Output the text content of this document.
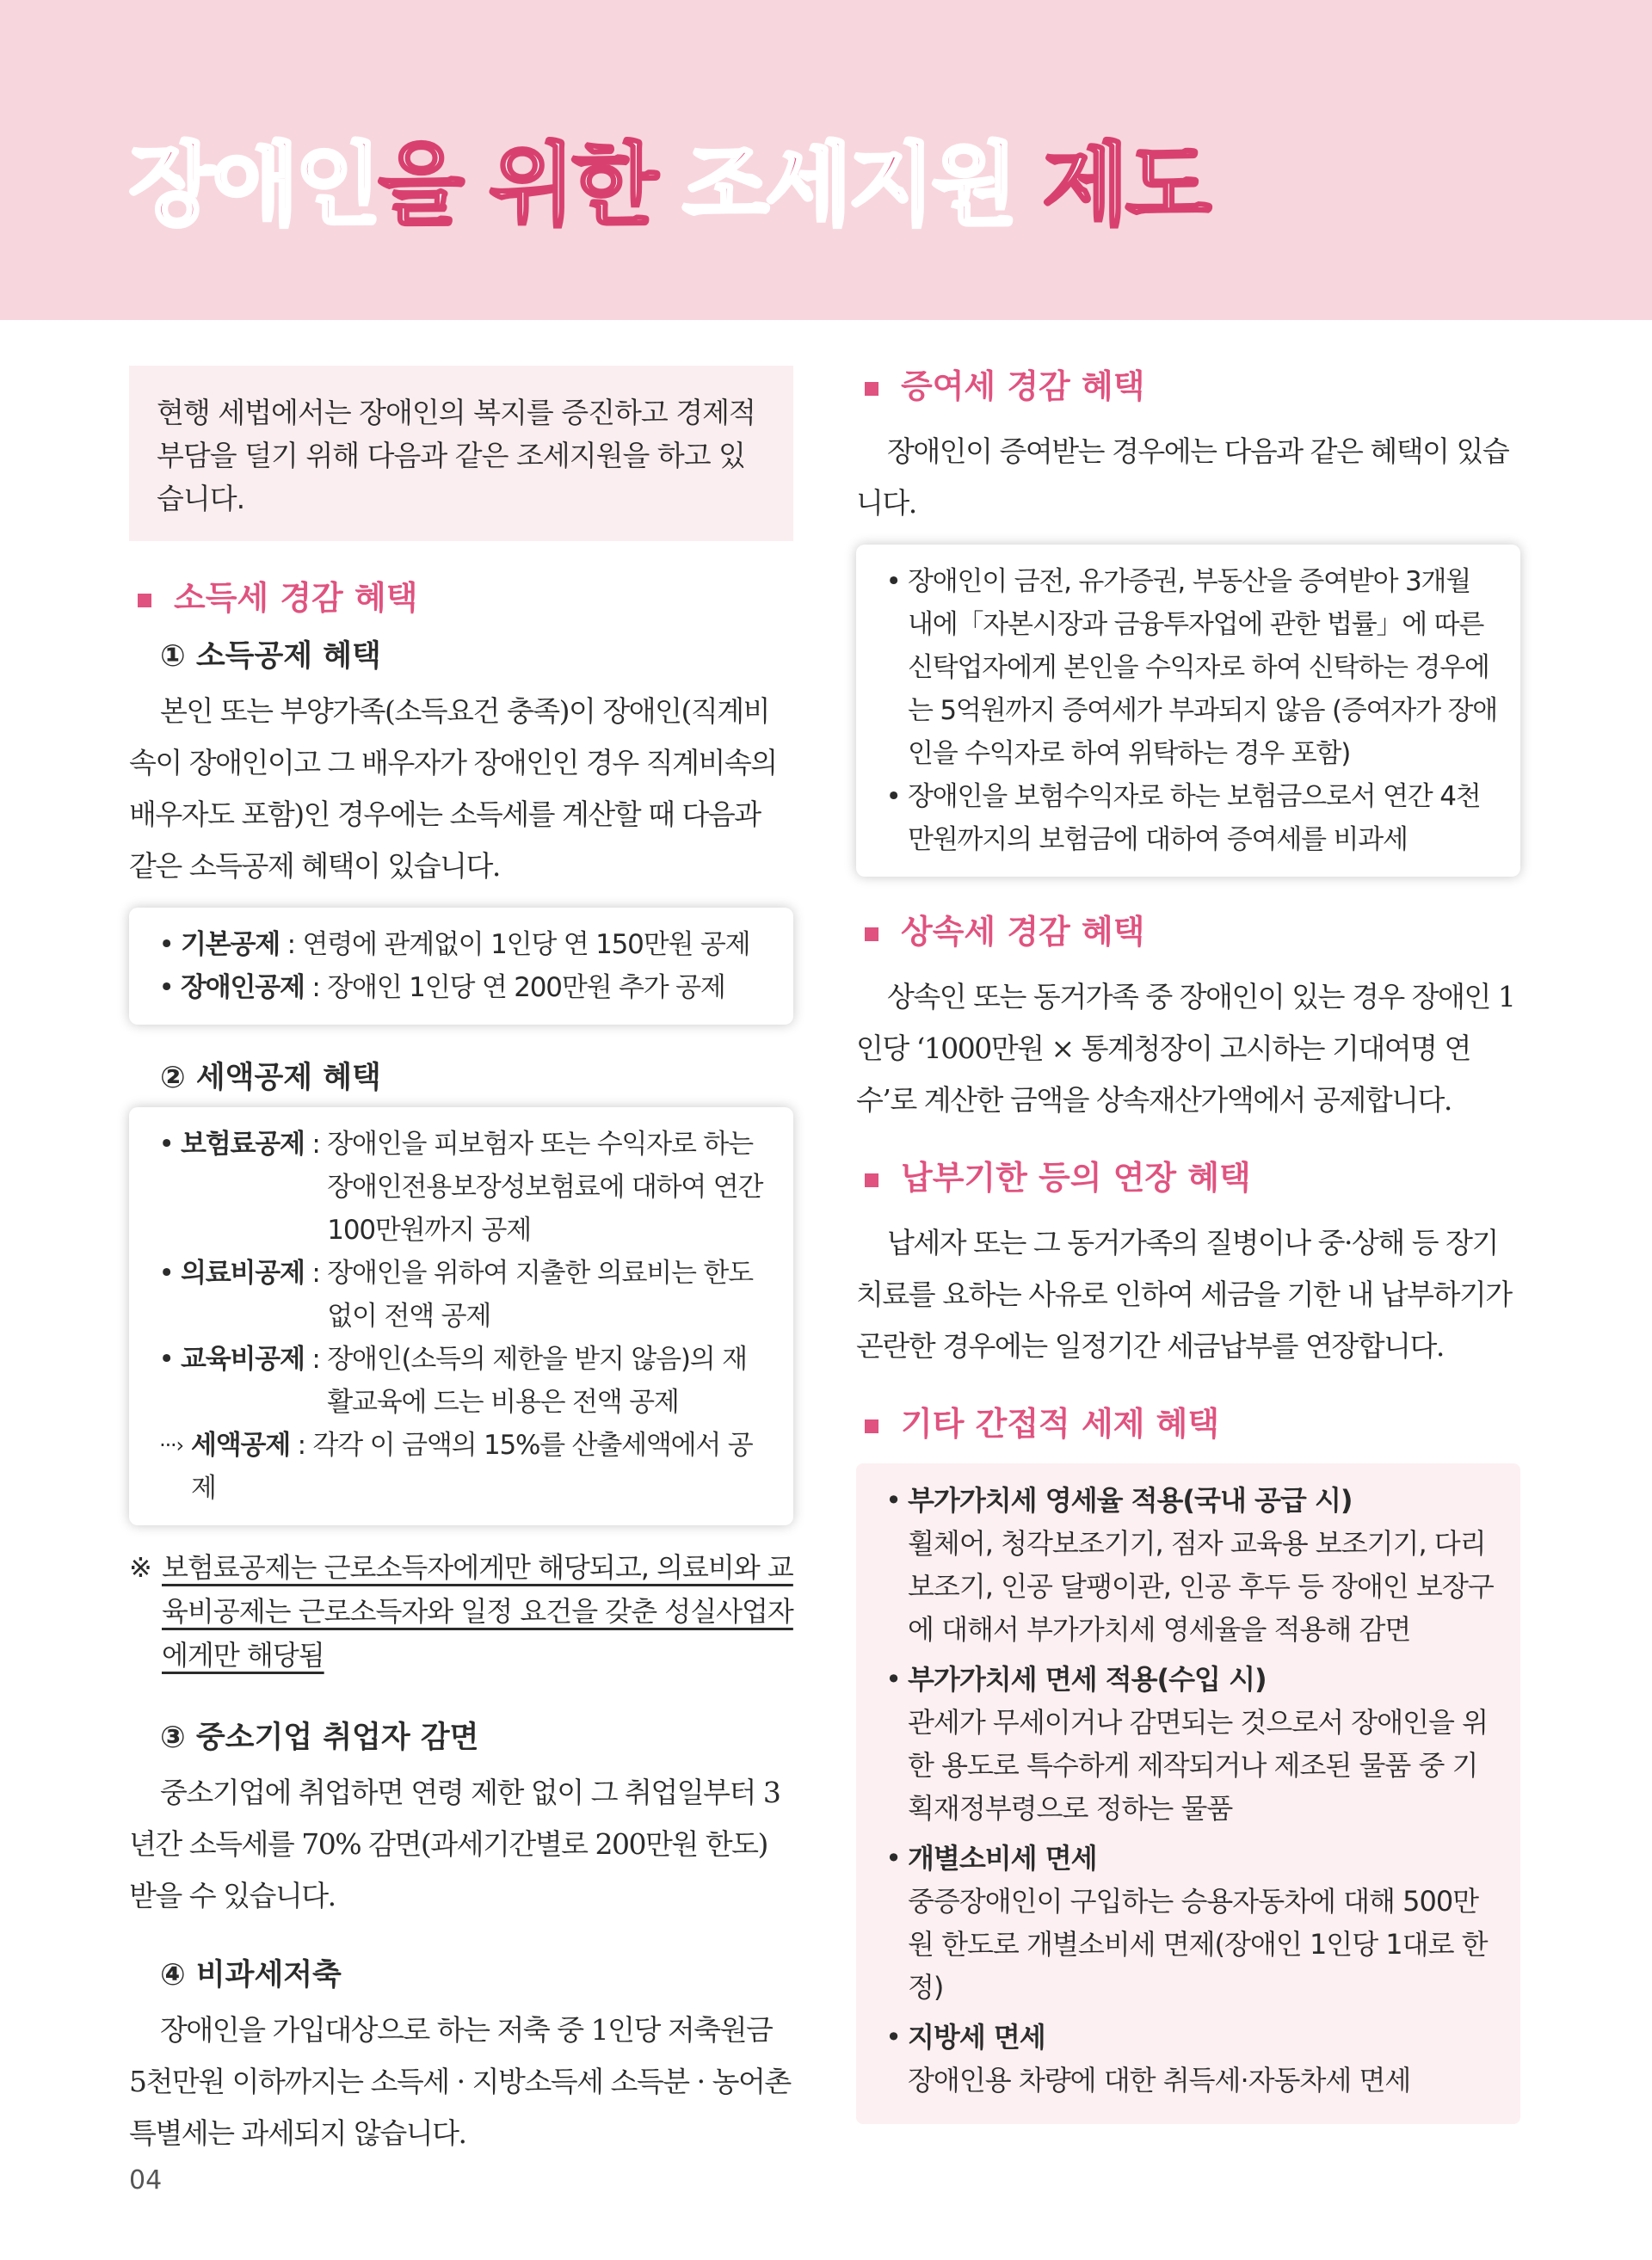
장애인을 위한 조세지원 제도
현행 세법에서는 장애인의 복지를 증진하고 경제적 부담을 덜기 위해 다음과 같은 조세지원을 하고 있습니다.
소득세 경감 혜택
① 소득공제 혜택

본인 또는 부양가족(소득요건 충족)이 장애인(직계비속이 장애인이고 그 배우자가 장애인인 경우 직계비속의 배우자도 포함)인 경우에는 소득세를 계산할 때 다음과 같은 소득공제 혜택이 있습니다.

• 기본공제 : 연령에 관계없이 1인당 연 150만원 공제
• 장애인공제 : 장애인 1인당 연 200만원 추가 공제
② 세액공제 혜택
• 보험료공제 : 장애인을 피보험자 또는 수익자로 하는 장애인전용보장성보험료에 대하여 연간 100만원까지 공제
• 의료비공제 : 장애인을 위하여 지출한 의료비는 한도 없이 전액 공제
• 교육비공제 : 장애인(소득의 제한을 받지 않음)의 재활교육에 드는 비용은 전액 공제
···› 세액공제 : 각각 이 금액의 15%를 산출세액에서 공제
※ 보험료공제는 근로소득자에게만 해당되고, 의료비와 교육비공제는 근로소득자와 일정 요건을 갖춘 성실사업자에게만 해당됨
③ 중소기업 취업자 감면

중소기업에 취업하면 연령 제한 없이 그 취업일부터 3년간 소득세를 70% 감면(과세기간별로 200만원 한도)받을 수 있습니다.

④ 비과세저축

장애인을 가입대상으로 하는 저축 중 1인당 저축원금 5천만원 이하까지는 소득세 · 지방소득세 소득분 · 농어촌특별세는 과세되지 않습니다.

증여세 경감 혜택

장애인이 증여받는 경우에는 다음과 같은 혜택이 있습니다.

• 장애인이 금전, 유가증권, 부동산을 증여받아 3개월 내에「자본시장과 금융투자업에 관한 법률」에 따른 신탁업자에게 본인을 수익자로 하여 신탁하는 경우에는 5억원까지 증여세가 부과되지 않음 (증여자가 장애인을 수익자로 하여 위탁하는 경우 포함)
• 장애인을 보험수익자로 하는 보험금으로서 연간 4천만원까지의 보험금에 대하여 증여세를 비과세
상속세 경감 혜택

상속인 또는 동거가족 중 장애인이 있는 경우 장애인 1인당 ‘1000만원 × 통계청장이 고시하는 기대여명 연수’로 계산한 금액을 상속재산가액에서 공제합니다.

납부기한 등의 연장 혜택

납세자 또는 그 동거가족의 질병이나 중·상해 등 장기 치료를 요하는 사유로 인하여 세금을 기한 내 납부하기가 곤란한 경우에는 일정기간 세금납부를 연장합니다.

기타 간접적 세제 혜택
• 부가가치세 영세율 적용(국내 공급 시)
휠체어, 청각보조기기, 점자 교육용 보조기기, 다리보조기, 인공 달팽이관, 인공 후두 등 장애인 보장구에 대해서 부가가치세 영세율을 적용해 감면
• 부가가치세 면세 적용(수입 시)
관세가 무세이거나 감면되는 것으로서 장애인을 위한 용도로 특수하게 제작되거나 제조된 물품 중 기획재정부령으로 정하는 물품
• 개별소비세 면세
중증장애인이 구입하는 승용자동차에 대해 500만원 한도로 개별소비세 면제(장애인 1인당 1대로 한정)
• 지방세 면세
장애인용 차량에 대한 취득세·자동차세 면세
04
